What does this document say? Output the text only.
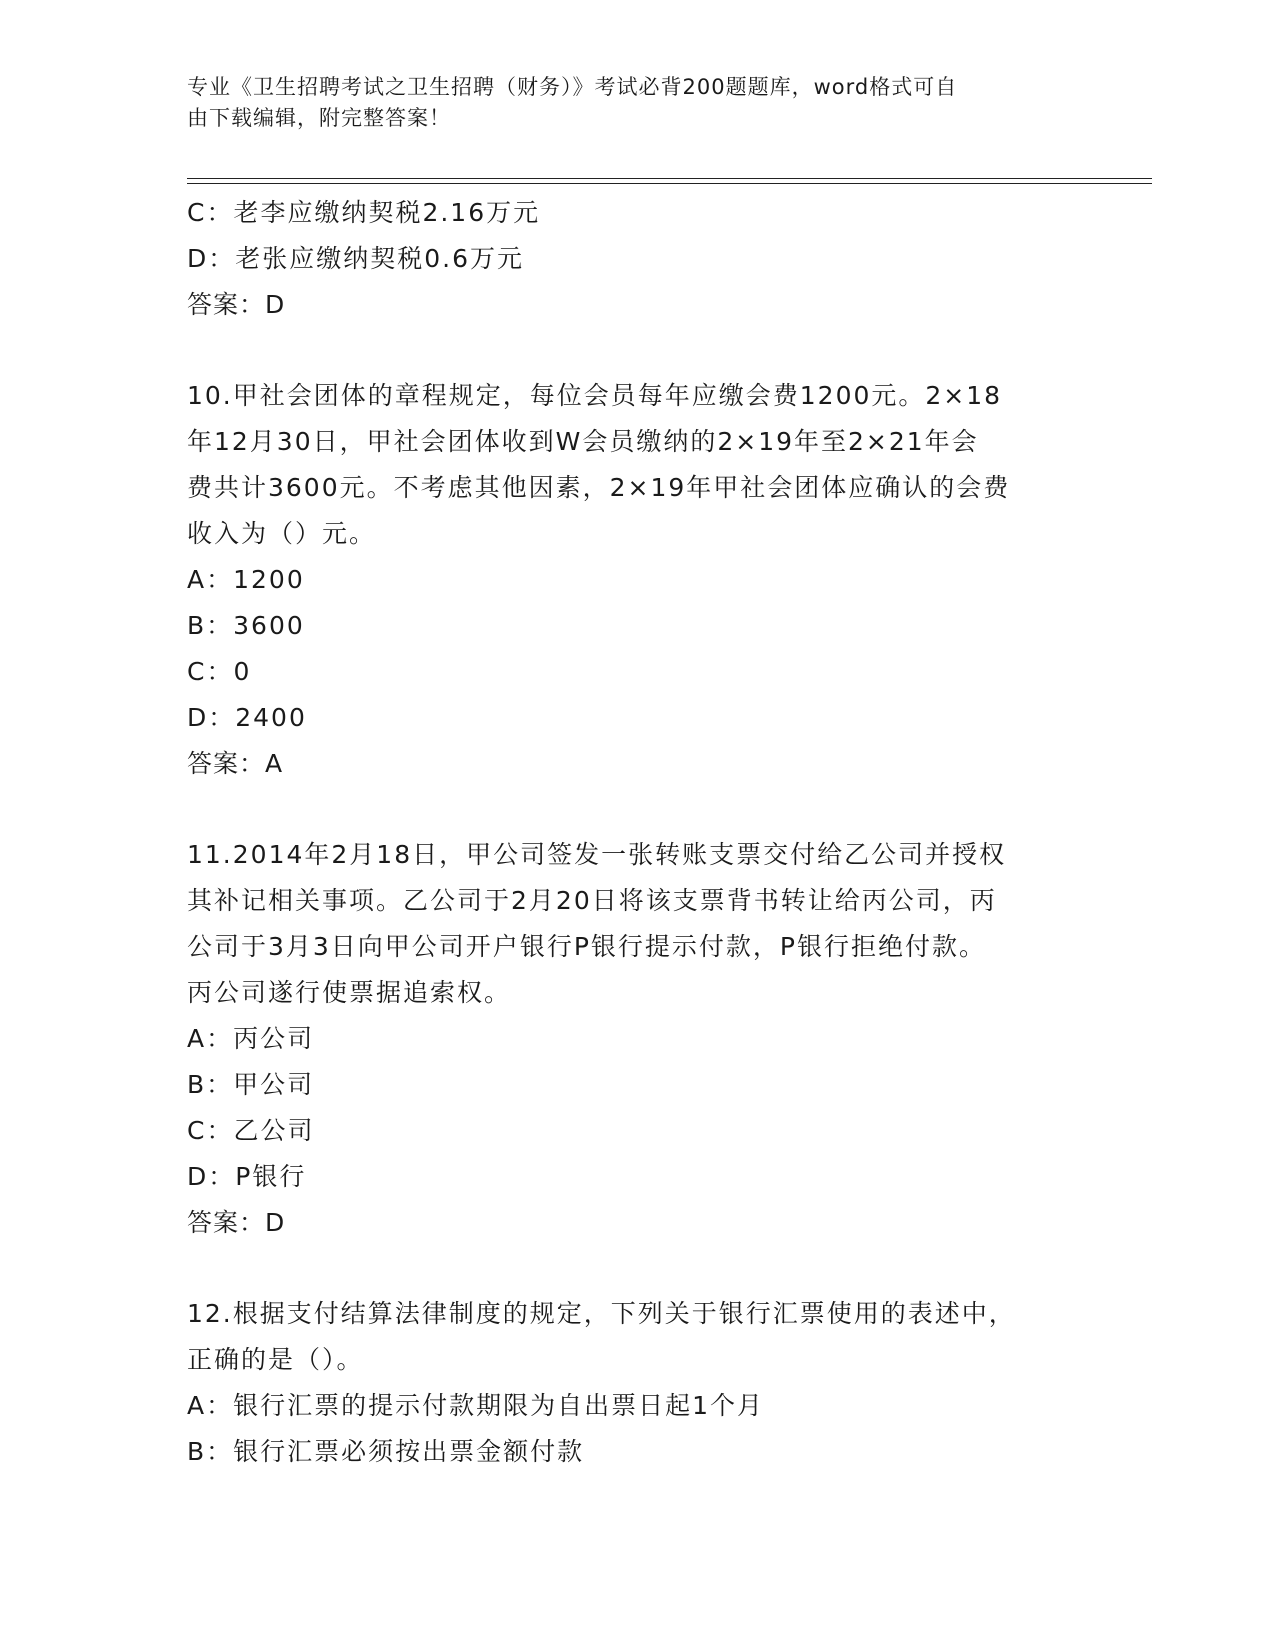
专业《卫生招聘考试之卫生招聘（财务）》考试必背200题题库，word格式可自
由下载编辑，附完整答案！
C：老李应缴纳契税2.16万元
D：老张应缴纳契税0.6万元
答案：D
10.甲社会团体的章程规定，每位会员每年应缴会费1200元。2×18
年12月30日，甲社会团体收到W会员缴纳的2×19年至2×21年会
费共计3600元。不考虑其他因素，2×19年甲社会团体应确认的会费
收入为（）元。
A：1200
B：3600
C：0
D：2400
答案：A
11.2014年2月18日，甲公司签发一张转账支票交付给乙公司并授权
其补记相关事项。乙公司于2月20日将该支票背书转让给丙公司，丙
公司于3月3日向甲公司开户银行P银行提示付款，P银行拒绝付款。
丙公司遂行使票据追索权。
A：丙公司
B：甲公司
C：乙公司
D：P银行
答案：D
12.根据支付结算法律制度的规定，下列关于银行汇票使用的表述中，
正确的是（）。
A：银行汇票的提示付款期限为自出票日起1个月
B：银行汇票必须按出票金额付款
